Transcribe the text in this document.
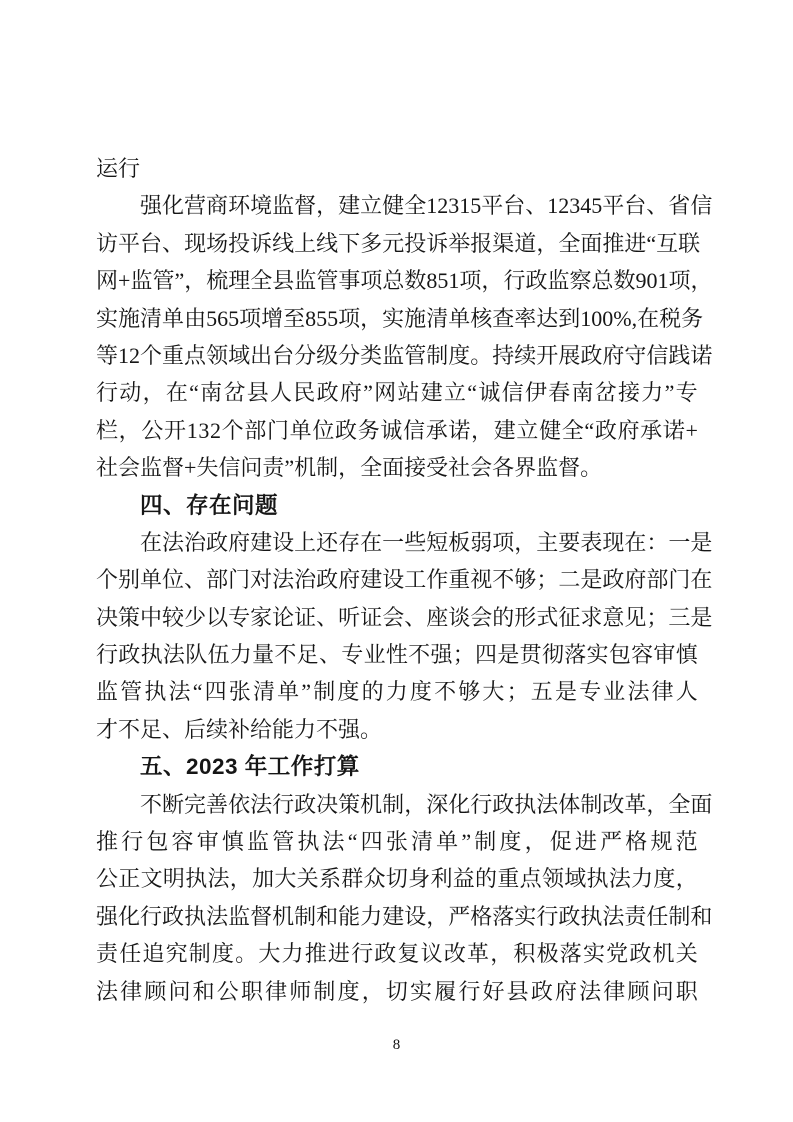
运行
强 化 营 商 环 境 监 督 ， 建 立 健 全 1 2 3 1 5 平 台 、 1 2 3 4 5 平 台 、 省 信
访 平 台 、 现 场 投 诉 线 上 线 下 多 元 投 诉 举 报 渠 道 ， 全 面 推 进 “ 互 联
网 + 监 管 ” ， 梳 理 全 县 监 管 事 项 总 数 8 5 1 项 ， 行 政 监 察 总 数 9 0 1 项 ，
实 施 清 单 由 5 6 5 项 增 至 8 5 5 项 ， 实 施 清 单 核 查 率 达 到 1 0 0 % , 在 税 务
等 1 2 个 重 点 领 域 出 台 分 级 分 类 监 管 制 度 。 持 续 开 展 政 府 守 信 践 诺
行 动 ， 在 “ 南 岔 县 人 民 政 府 ” 网 站 建 立 “ 诚 信 伊 春 南 岔 接 力 ” 专
栏 ， 公 开 1 3 2 个 部 门 单 位 政 务 诚 信 承 诺 ， 建 立 健 全 “ 政 府 承 诺 +
社会监督+失信问责”机制，全面接受社会各界监督。
四、存在问题
在 法 治 政 府 建 设 上 还 存 在 一 些 短 板 弱 项 ， 主 要 表 现 在 ： 一 是
个 别 单 位 、 部 门 对 法 治 政 府 建 设 工 作 重 视 不 够 ； 二 是 政 府 部 门 在
决 策 中 较 少 以 专 家 论 证 、 听 证 会 、 座 谈 会 的 形 式 征 求 意 见 ； 三 是
行 政 执 法 队 伍 力 量 不 足 、 专 业 性 不 强 ； 四 是 贯 彻 落 实 包 容 审 慎
监 管 执 法 “ 四 张 清 单 ” 制 度 的 力 度 不 够 大 ； 五 是 专 业 法 律 人
才不足、后续补给能力不强。
五、2023 年工作打算
不 断 完 善 依 法 行 政 决 策 机 制 ， 深 化 行 政 执 法 体 制 改 革 ， 全 面
推 行 包 容 审 慎 监 管 执 法 “ 四 张 清 单 ” 制 度 ， 促 进 严 格 规 范
公 正 文 明 执 法 ， 加 大 关 系 群 众 切 身 利 益 的 重 点 领 域 执 法 力 度 ，
强 化 行 政 执 法 监 督 机 制 和 能 力 建 设 ， 严 格 落 实 行 政 执 法 责 任 制 和
责 任 追 究 制 度 。 大 力 推 进 行 政 复 议 改 革 ， 积 极 落 实 党 政 机 关
法 律 顾 问 和 公 职 律 师 制 度 ， 切 实 履 行 好 县 政 府 法 律 顾 问 职
8
